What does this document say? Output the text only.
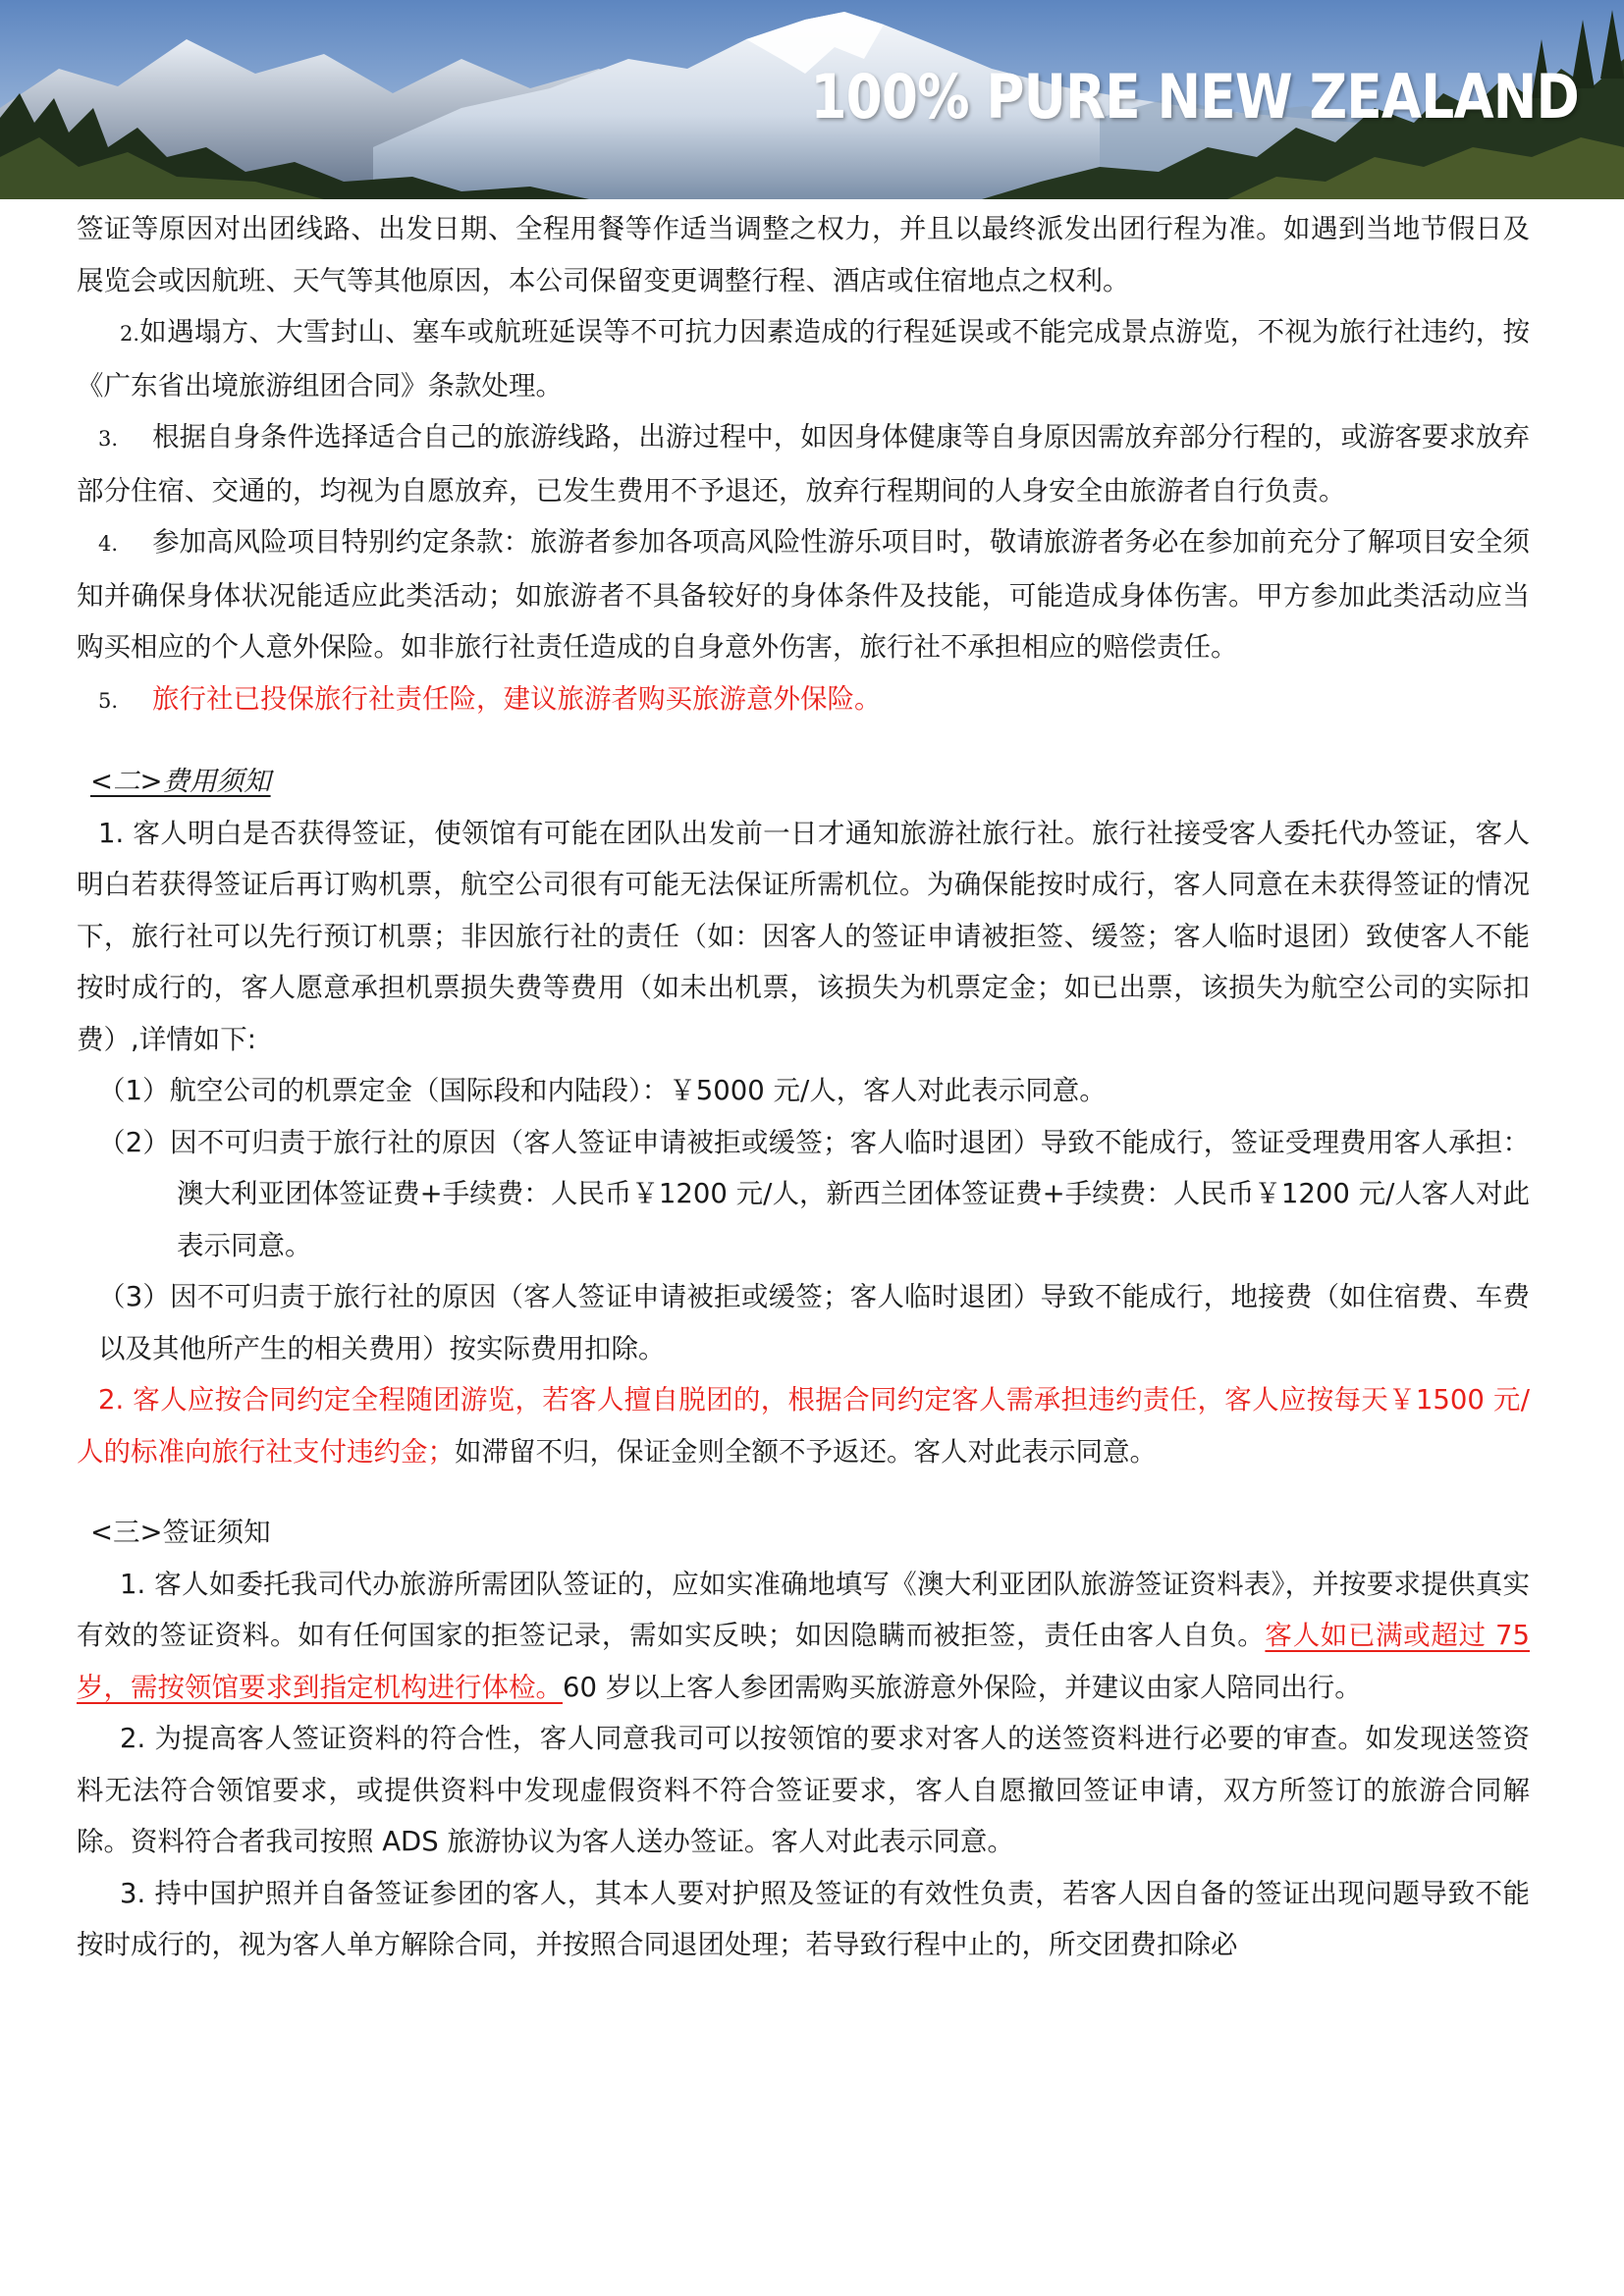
100% PURE NEW ZEALAND

签证等原因对出团线路、出发日期、全程用餐等作适当调整之权力，并且以最终派发出团行程为准。如遇到当地节假日及展览会或因航班、天气等其他原因，本公司保留变更调整行程、酒店或住宿地点之权利。

2.如遇塌方、大雪封山、塞车或航班延误等不可抗力因素造成的行程延误或不能完成景点游览，不视为旅行社违约，按《广东省出境旅游组团合同》条款处理。

3. 根据自身条件选择适合自己的旅游线路，出游过程中，如因身体健康等自身原因需放弃部分行程的，或游客要求放弃部分住宿、交通的，均视为自愿放弃，已发生费用不予退还，放弃行程期间的人身安全由旅游者自行负责。

4. 参加高风险项目特别约定条款：旅游者参加各项高风险性游乐项目时，敬请旅游者务必在参加前充分了解项目安全须知并确保身体状况能适应此类活动；如旅游者不具备较好的身体条件及技能，可能造成身体伤害。甲方参加此类活动应当购买相应的个人意外保险。如非旅行社责任造成的自身意外伤害，旅行社不承担相应的赔偿责任。

5. 旅行社已投保旅行社责任险，建议旅游者购买旅游意外保险。

<二>费用须知

1. 客人明白是否获得签证，使领馆有可能在团队出发前一日才通知旅游社旅行社。旅行社接受客人委托代办签证，客人明白若获得签证后再订购机票，航空公司很有可能无法保证所需机位。为确保能按时成行，客人同意在未获得签证的情况下，旅行社可以先行预订机票；非因旅行社的责任（如：因客人的签证申请被拒签、缓签；客人临时退团）致使客人不能按时成行的，客人愿意承担机票损失费等费用（如未出机票，该损失为机票定金；如已出票，该损失为航空公司的实际扣费）,详情如下:

（1）航空公司的机票定金（国际段和内陆段）：￥5000 元/人，客人对此表示同意。

（2）因不可归责于旅行社的原因（客人签证申请被拒或缓签；客人临时退团）导致不能成行，签证受理费用客人承担：澳大利亚团体签证费+手续费：人民币￥1200 元/人，新西兰团体签证费+手续费：人民币￥1200 元/人客人对此表示同意。

（3）因不可归责于旅行社的原因（客人签证申请被拒或缓签；客人临时退团）导致不能成行，地接费（如住宿费、车费以及其他所产生的相关费用）按实际费用扣除。

2. 客人应按合同约定全程随团游览，若客人擅自脱团的，根据合同约定客人需承担违约责任，客人应按每天￥1500 元/人的标准向旅行社支付违约金；如滞留不归，保证金则全额不予返还。客人对此表示同意。

<三>签证须知

1. 客人如委托我司代办旅游所需团队签证的，应如实准确地填写《澳大利亚团队旅游签证资料表》，并按要求提供真实有效的签证资料。如有任何国家的拒签记录，需如实反映；如因隐瞒而被拒签，责任由客人自负。客人如已满或超过 75 岁，需按领馆要求到指定机构进行体检。60 岁以上客人参团需购买旅游意外保险，并建议由家人陪同出行。

2. 为提高客人签证资料的符合性，客人同意我司可以按领馆的要求对客人的送签资料进行必要的审查。如发现送签资料无法符合领馆要求，或提供资料中发现虚假资料不符合签证要求，客人自愿撤回签证申请，双方所签订的旅游合同解除。资料符合者我司按照 ADS 旅游协议为客人送办签证。客人对此表示同意。

3. 持中国护照并自备签证参团的客人，其本人要对护照及签证的有效性负责，若客人因自备的签证出现问题导致不能按时成行的，视为客人单方解除合同，并按照合同退团处理；若导致行程中止的，所交团费扣除必
